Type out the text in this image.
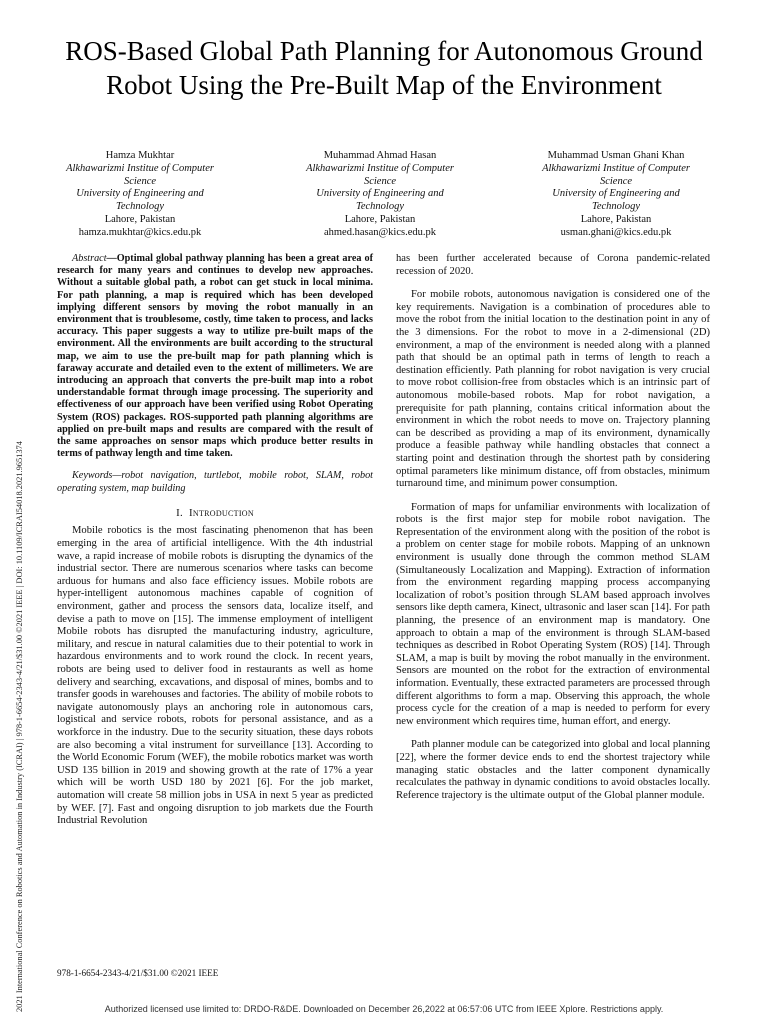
ROS-Based Global Path Planning for Autonomous Ground Robot Using the Pre-Built Map of the Environment
Hamza Mukhtar
Alkhawarizmi Institue of Computer Science
University of Engineering and Technology
Lahore, Pakistan
hamza.mukhtar@kics.edu.pk
Muhammad Ahmad Hasan
Alkhawarizmi Institue of Computer Science
University of Engineering and Technology
Lahore, Pakistan
ahmed.hasan@kics.edu.pk
Muhammad Usman Ghani Khan
Alkhawarizmi Institue of Computer Science
University of Engineering and Technology
Lahore, Pakistan
usman.ghani@kics.edu.pk
2021 International Conference on Robotics and Automation in Industry (ICRAI) | 978-1-6654-2343-4/21/$31.00 ©2021 IEEE | DOI: 10.1109/ICRAI54018.2021.9651374
Abstract—Optimal global pathway planning has been a great area of research for many years and continues to develop new approaches. Without a suitable global path, a robot can get stuck in local minima. For path planning, a map is required which has been developed implying different sensors by moving the robot manually in an environment that is troublesome, costly, time taken to process, and lacks accuracy. This paper suggests a way to utilize pre-built maps of the environment. All the environments are built according to the structural map, we aim to use the pre-built map for path planning which is faraway accurate and detailed even to the extent of millimeters. We are introducing an approach that converts the pre-built map into a robot understandable format through image processing. The superiority and effectiveness of our approach have been verified using Robot Operating System (ROS) packages. ROS-supported path planning algorithms are applied on pre-built maps and results are compared with the result of the same approaches on sensor maps which produce better results in terms of pathway length and time taken.
Keywords—robot navigation, turtlebot, mobile robot, SLAM, robot operating system, map building
I. Introduction

Mobile robotics is the most fascinating phenomenon that has been emerging in the area of artificial intelligence. With the 4th industrial wave, a rapid increase of mobile robots is disrupting the dynamics of the industrial sector. There are numerous scenarios where tasks can become arduous for humans and also face efficiency issues. Mobile robots are hyper-intelligent autonomous machines capable of cognition of environment, gather and process the sensors data, localize itself, and devise a path to move on [15]. The immense employment of intelligent Mobile robots has disrupted the manufacturing industry, agriculture, military, and rescue in natural calamities due to their potential to work in hazardous environments and to work round the clock. In recent years, robots are being used to deliver food in restaurants as well as home delivery and searching, excavations, and disposal of mines, bombs and to transfer goods in warehouses and factories. The ability of mobile robots to navigate autonomously plays an anchoring role in autonomous cars, logistical and service robots, robots for personal assistance, and as a workforce in the industry. Due to the security situation, these days robots are also becoming a vital instrument for surveillance [13]. According to the World Economic Forum (WEF), the mobile robotics market was worth USD 135 billion in 2019 and showing growth at the rate of 17% a year which will be worth USD 180 by 2021 [6]. For the job market, automation will create 58 million jobs in USA in next 5 year as predicted by WEF. [7]. Fast and ongoing disruption to job markets due the Fourth Industrial Revolution

has been further accelerated because of Corona pandemic-related recession of 2020.

For mobile robots, autonomous navigation is considered one of the key requirements. Navigation is a combination of procedures able to move the robot from the initial location to the destination point in any of the 3 dimensions. For the robot to move in a 2-dimensional (2D) environment, a map of the environment is needed along with a planned path that should be an optimal path in terms of length to reach a destination efficiently. Path planning for robot navigation is very crucial to move robot collision-free from obstacles which is an intrinsic part of autonomous mobile-based robots. Map for robot navigation, a prerequisite for path planning, contains critical information about the environment in which the robot needs to move on. Trajectory planning can be described as providing a map of its environment, dynamically produce a feasible pathway while handling obstacles that connect a starting point and destination through the shortest path by considering optimal parameters like minimum distance, off from obstacles, minimum turnaround time, and minimum power consumption.

Formation of maps for unfamiliar environments with localization of robots is the first major step for mobile robot navigation. The Representation of the environment along with the position of the robot is a problem on center stage for mobile robots. Mapping of an unknown environment is usually done through the common method SLAM (Simultaneously Localization and Mapping). Extraction of information from the environment regarding mapping process accompanying localization of robot’s position through SLAM based approach involves sensors like depth camera, Kinect, ultrasonic and laser scan [14]. For path planning, the presence of an environment map is mandatory. One approach to obtain a map of the environment is through SLAM-based techniques as described in Robot Operating System (ROS) [14]. Through SLAM, a map is built by moving the robot manually in the environment. Sensors are mounted on the robot for the extraction of environmental information. Eventually, these extracted parameters are processed through different algorithms to form a map. Observing this approach, the whole process cycle for the creation of a map is needed to perform for every new environment which requires time, human effort, and energy.

Path planner module can be categorized into global and local planning [22], where the former device ends to end the shortest trajectory while managing static obstacles and the latter component dynamically recalculates the pathway in dynamic conditions to avoid obstacles locally. Reference trajectory is the ultimate output of the Global planner module.

978-1-6654-2343-4/21/$31.00 ©2021 IEEE
Authorized licensed use limited to: DRDO-R&DE. Downloaded on December 26,2022 at 06:57:06 UTC from IEEE Xplore. Restrictions apply.
